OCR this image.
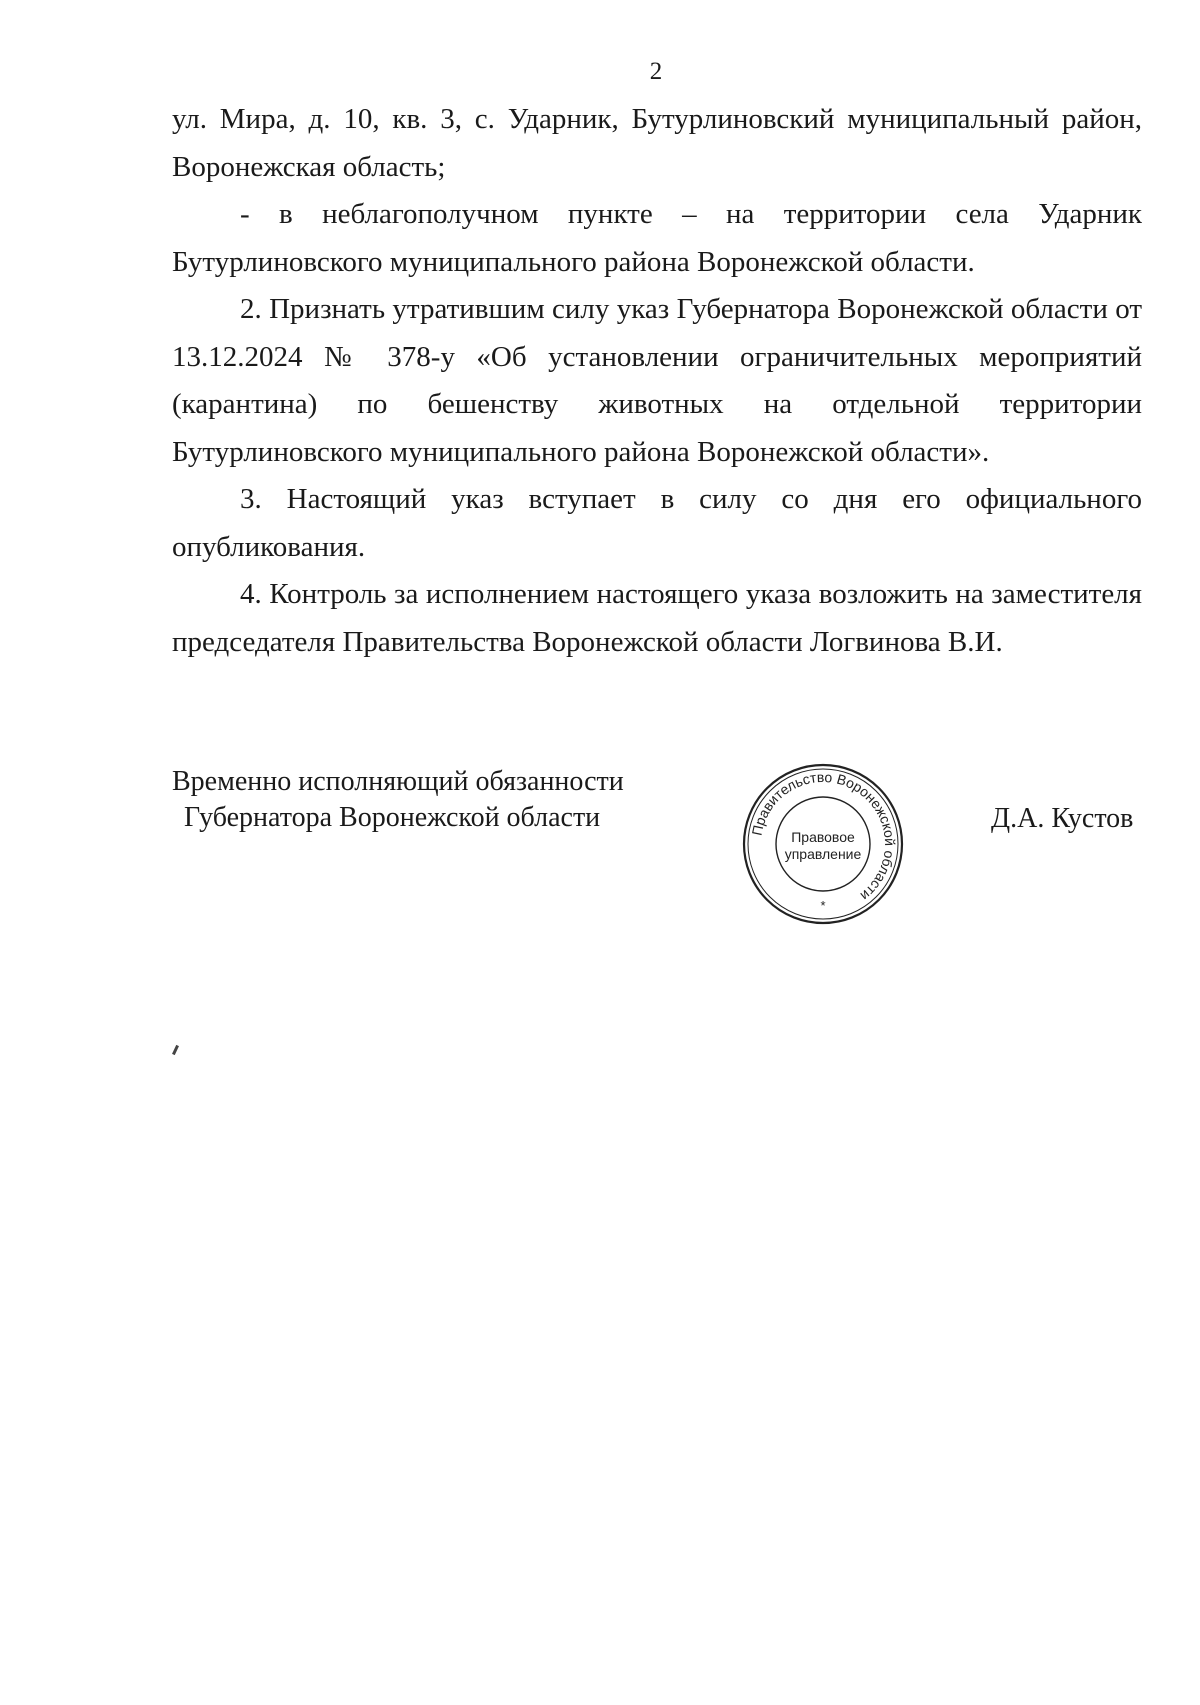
2

ул. Мира, д. 10, кв. 3, с. Ударник, Бутурлиновский муниципальный район, Воронежская область;

- в неблагополучном пункте – на территории села Ударник Бутурлиновского муниципального района Воронежской области.

2. Признать утратившим силу указ Губернатора Воронежской области от 13.12.2024 № 378-у «Об установлении ограничительных мероприятий (карантина) по бешенству животных на отдельной территории Бутурлиновского муниципального района Воронежской области».

3. Настоящий указ вступает в силу со дня его официального опубликования.

4. Контроль за исполнением настоящего указа возложить на заместителя председателя Правительства Воронежской области Логвинова В.И.

Временно исполняющий обязанности
Губернатора Воронежской области	Правительство Воронежской области
Правовое
управление
*
Д.А. Кустов
